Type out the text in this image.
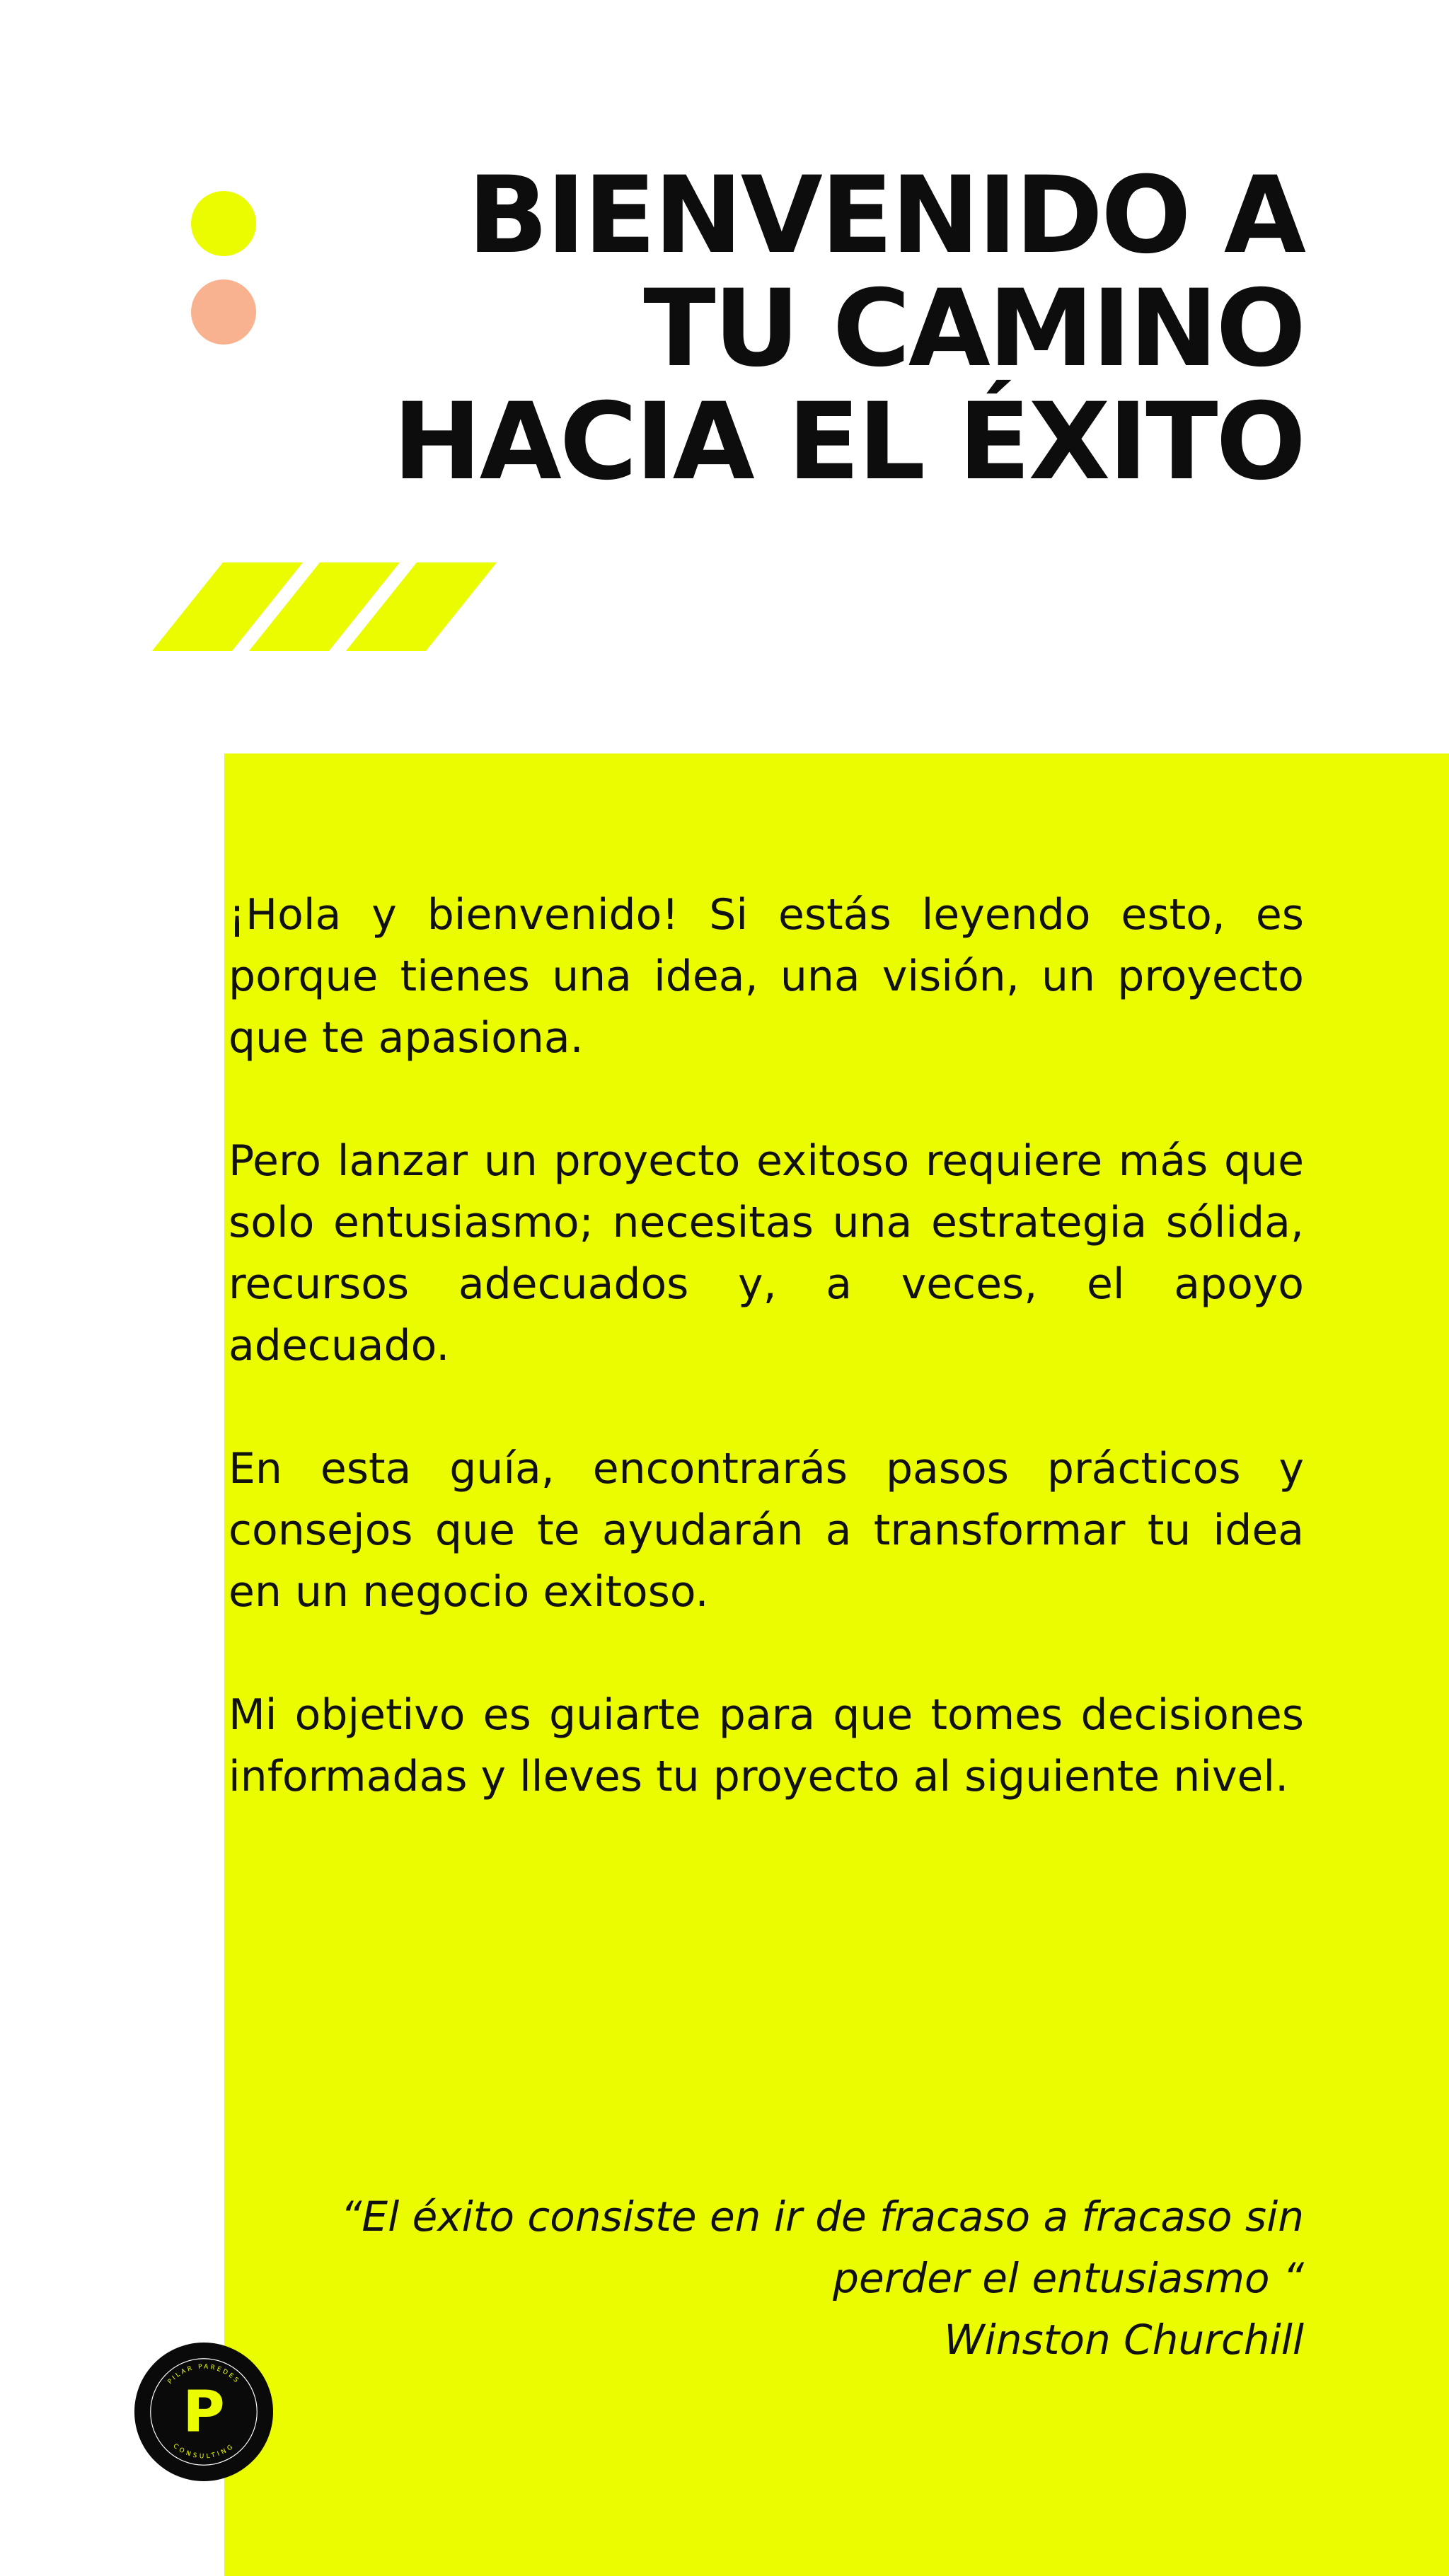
BIENVENIDO A
TU CAMINO
HACIA EL ÉXITO

¡Hola y bienvenido! Si estás leyendo esto, es porque tienes una idea, una visión, un proyecto que te apasiona.

Pero lanzar un proyecto exitoso requiere más que solo entusiasmo; necesitas una estrategia sólida, recursos adecuados y, a veces, el apoyo adecuado.

En esta guía, encontrarás pasos prácticos y consejos que te ayudarán a transformar tu idea en un negocio exitoso.

Mi objetivo es guiarte para que tomes decisiones informadas y lleves tu proyecto al siguiente nivel.

“El éxito consiste en ir de fracaso a fracaso sin
perder el entusiasmo “
Winston Churchill
PILAR PAREDES
CONSULTING
P
